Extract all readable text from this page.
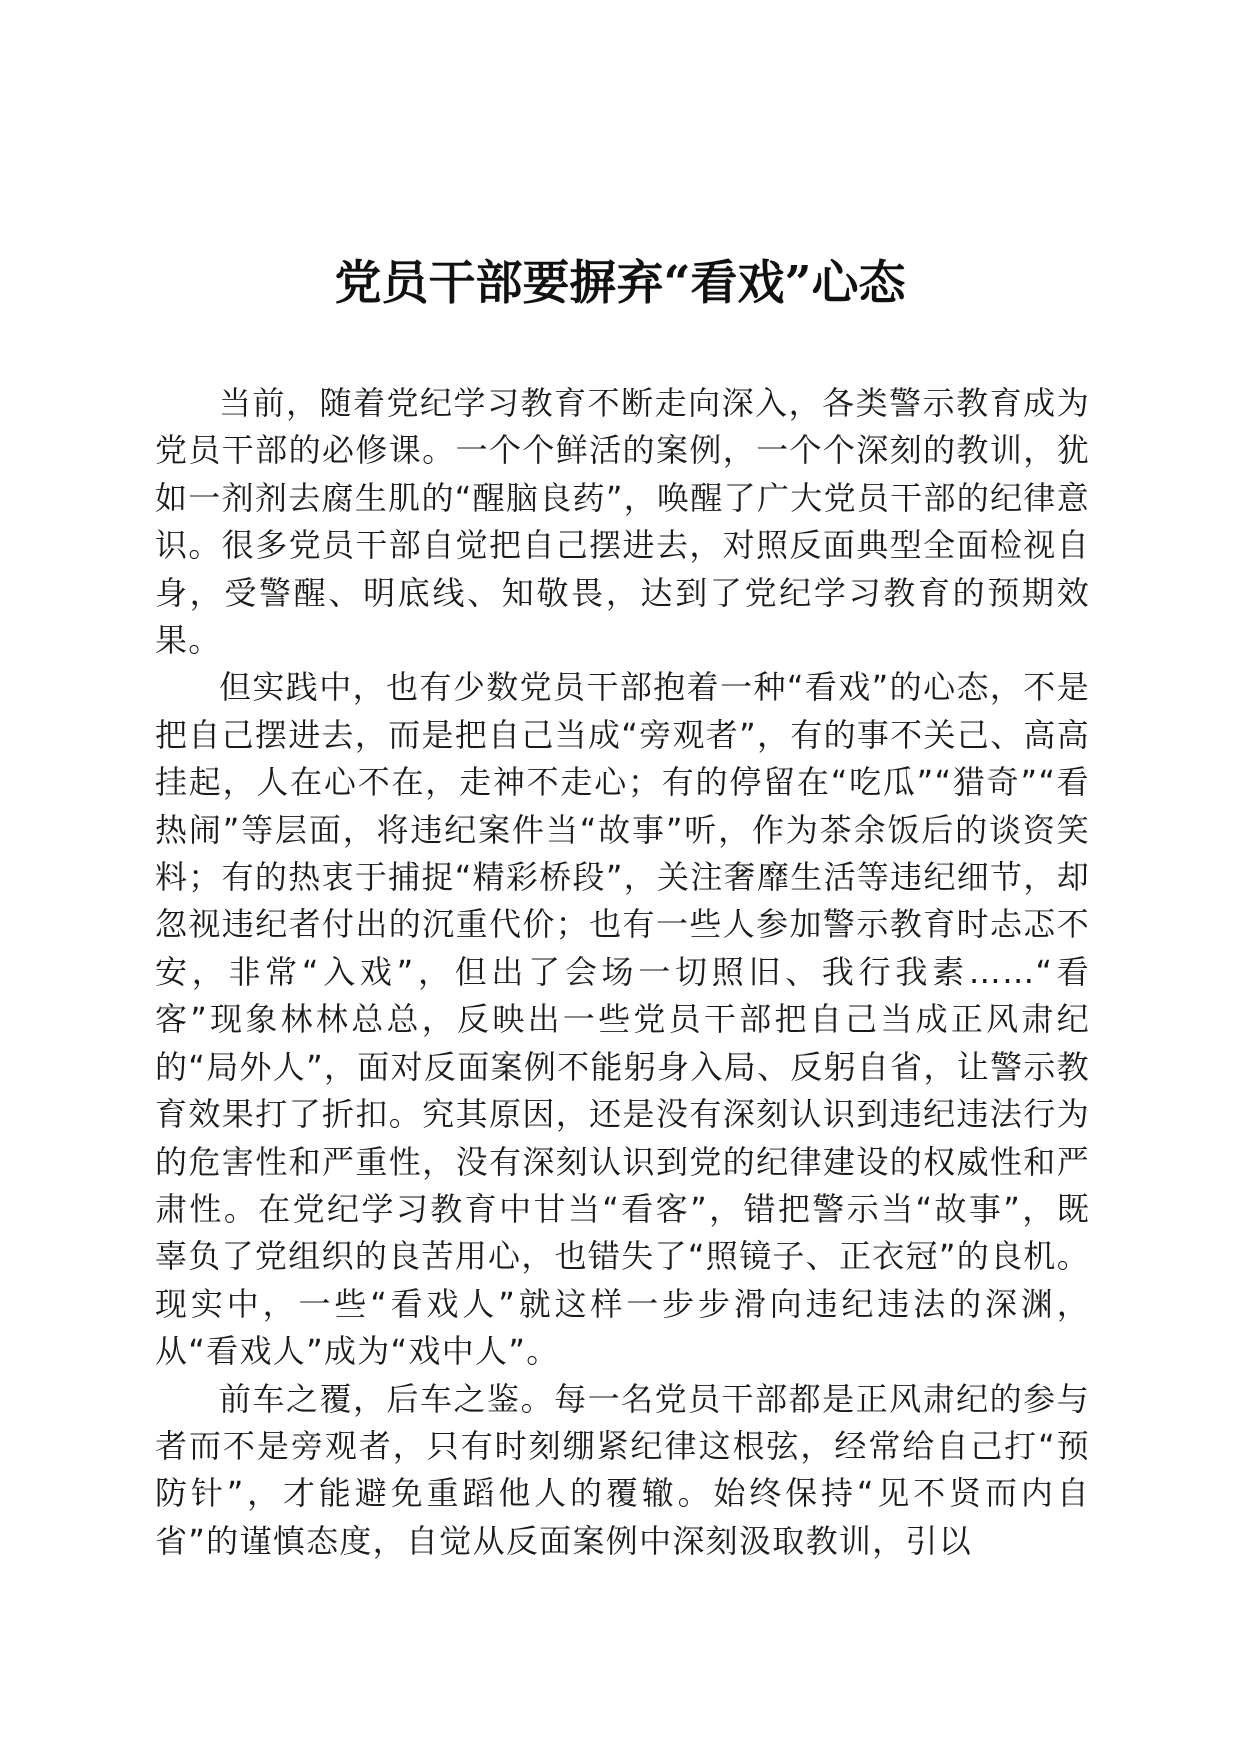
党员干部要摒弃“看戏”心态

当前，随着党纪学习教育不断走向深入，各类警示教育成为党员干部的必修课。一个个鲜活的案例，一个个深刻的教训，犹如一剂剂去腐生肌的“醒脑良药”，唤醒了广大党员干部的纪律意识。很多党员干部自觉把自己摆进去，对照反面典型全面检视自身，受警醒、明底线、知敬畏，达到了党纪学习教育的预期效果。

但实践中，也有少数党员干部抱着一种“看戏”的心态，不是把自己摆进去，而是把自己当成“旁观者”，有的事不关己、高高挂起，人在心不在，走神不走心；有的停留在“吃瓜”“猎奇”“看热闹”等层面，将违纪案件当“故事”听，作为茶余饭后的谈资笑料；有的热衷于捕捉“精彩桥段”，关注奢靡生活等违纪细节，却忽视违纪者付出的沉重代价；也有一些人参加警示教育时忐忑不安，非常“入戏”，但出了会场一切照旧、我行我素……“看客”现象林林总总，反映出一些党员干部把自己当成正风肃纪的“局外人”，面对反面案例不能躬身入局、反躬自省，让警示教育效果打了折扣。究其原因，还是没有深刻认识到违纪违法行为的危害性和严重性，没有深刻认识到党的纪律建设的权威性和严肃性。在党纪学习教育中甘当“看客”，错把警示当“故事”，既辜负了党组织的良苦用心，也错失了“照镜子、正衣冠”的良机。现实中，一些“看戏人”就这样一步步滑向违纪违法的深渊，从“看戏人”成为“戏中人”。

前车之覆，后车之鉴。每一名党员干部都是正风肃纪的参与者而不是旁观者，只有时刻绷紧纪律这根弦，经常给自己打“预防针”，才能避免重蹈他人的覆辙。始终保持“见不贤而内自省”的谨慎态度，自觉从反面案例中深刻汲取教训，引以
